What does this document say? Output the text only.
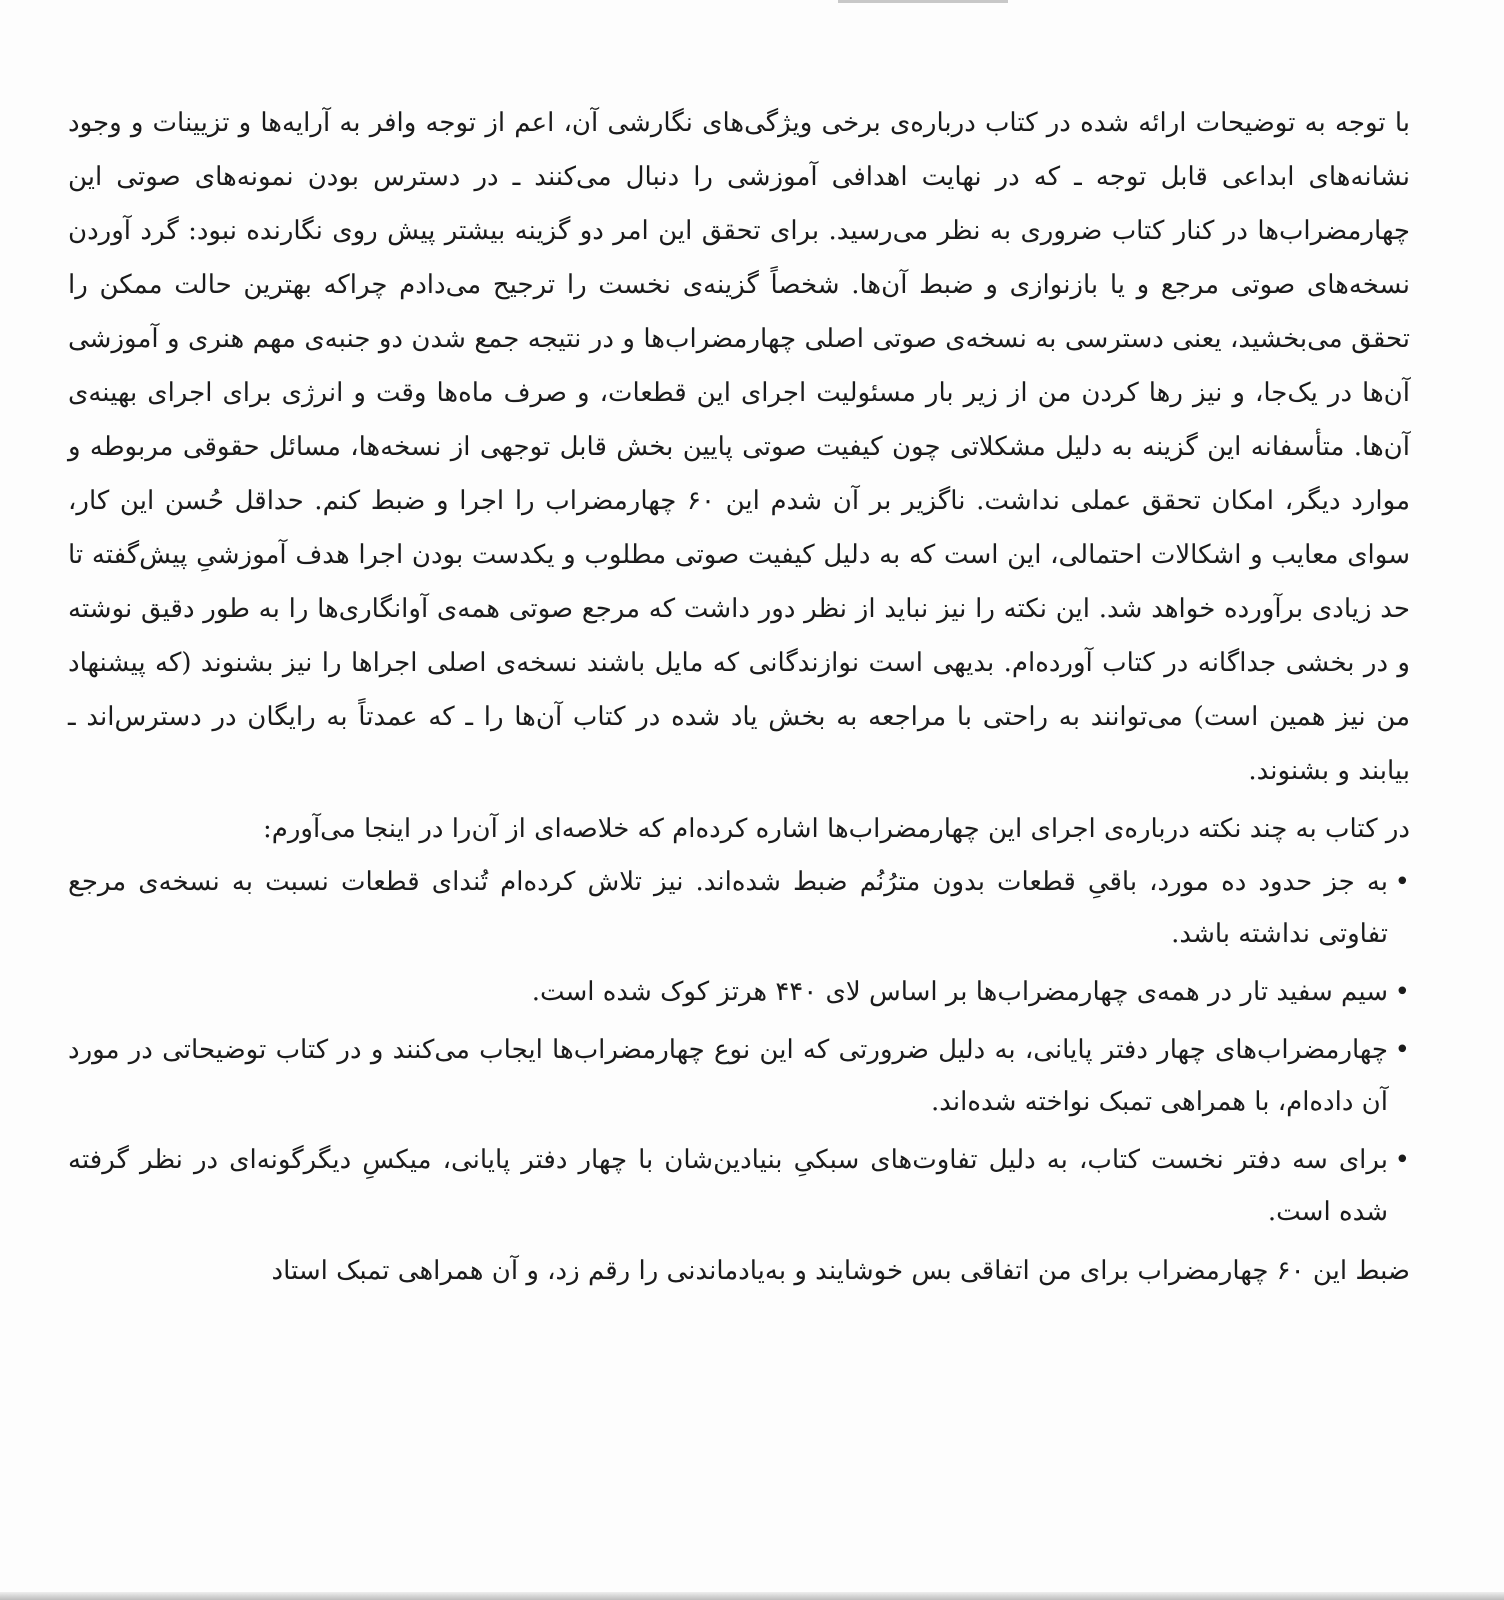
با توجه به توضیحات ارائه شده در کتاب درباره‌ی برخی ویژگی‌های نگارشی آن، اعم از توجه وافر به آرایه‌ها و تزیینات و وجود نشانه‌های ابداعی قابل توجه ـ که در نهایت اهدافی آموزشی را دنبال می‌کنند ـ در دسترس بودن نمونه‌های صوتی این چهارمضراب‌ها در کنار کتاب ضروری به نظر می‌رسید. برای تحقق این امر دو گزینه بیشتر پیش روی نگارنده نبود: گرد آوردن نسخه‌های صوتی مرجع و یا بازنوازی و ضبط آن‌ها. شخصاً گزینه‌ی نخست را ترجیح می‌دادم چراکه بهترین حالت ممکن را تحقق می‌بخشید، یعنی دسترسی به نسخه‌ی صوتی اصلی چهارمضراب‌ها و در نتیجه جمع شدن دو جنبه‌ی مهم هنری و آموزشی آن‌ها در یک‌جا، و نیز رها کردن من از زیر بار مسئولیت اجرای این قطعات، و صرف ماه‌ها وقت و انرژی برای اجرای بهینه‌ی آن‌ها. متأسفانه این گزینه به دلیل مشکلاتی چون کیفیت صوتی پایین بخش قابل توجهی از نسخه‌ها، مسائل حقوقی مربوطه و موارد دیگر، امکان تحقق عملی نداشت. ناگزیر بر آن شدم این ۶۰ چهارمضراب را اجرا و ضبط کنم. حداقل حُسن این کار، سوای معایب و اشکالات احتمالی، این است که به دلیل کیفیت صوتی مطلوب و یکدست بودن اجرا هدف آموزشیِ پیش‌گفته تا حد زیادی برآورده خواهد شد. این نکته را نیز نباید از نظر دور داشت که مرجع صوتی همه‌ی آوانگاری‌ها را به طور دقیق نوشته و در بخشی جداگانه در کتاب آورده‌ام. بدیهی است نوازندگانی که مایل باشند نسخه‌ی اصلی اجراها را نیز بشنوند (که پیشنهاد من نیز همین است) می‌توانند به راحتی با مراجعه به بخش یاد شده در کتاب آن‌ها را ـ که عمدتاً به رایگان در دسترس‌اند ـ بیابند و بشنوند.

در کتاب به چند نکته درباره‌ی اجرای این چهارمضراب‌ها اشاره کرده‌ام که خلاصه‌ای از آن‌را در اینجا می‌آورم:

•
به جز حدود ده مورد، باقیِ قطعات بدون مترُنُم ضبط شده‌اند. نیز تلاش کرده‌ام تُندای قطعات نسبت به نسخه‌ی مرجع تفاوتی نداشته باشد.
•
سیم سفید تار در همه‌ی چهارمضراب‌ها بر اساس لای ۴۴۰ هرتز کوک شده است.
•
چهارمضراب‌های چهار دفتر پایانی، به دلیل ضرورتی که این نوع چهارمضراب‌ها ایجاب می‌کنند و در کتاب توضیحاتی در مورد آن داده‌ام، با همراهی تمبک نواخته شده‌اند.
•
برای سه دفتر نخست کتاب، به دلیل تفاوت‌های سبکیِ بنیادین‌شان با چهار دفتر پایانی، میکسِ دیگرگونه‌ای در نظر گرفته شده است.

ضبط این ۶۰ چهارمضراب برای من اتفاقی بس خوشایند و به‌یادماندنی را رقم زد، و آن همراهی تمبک استاد
